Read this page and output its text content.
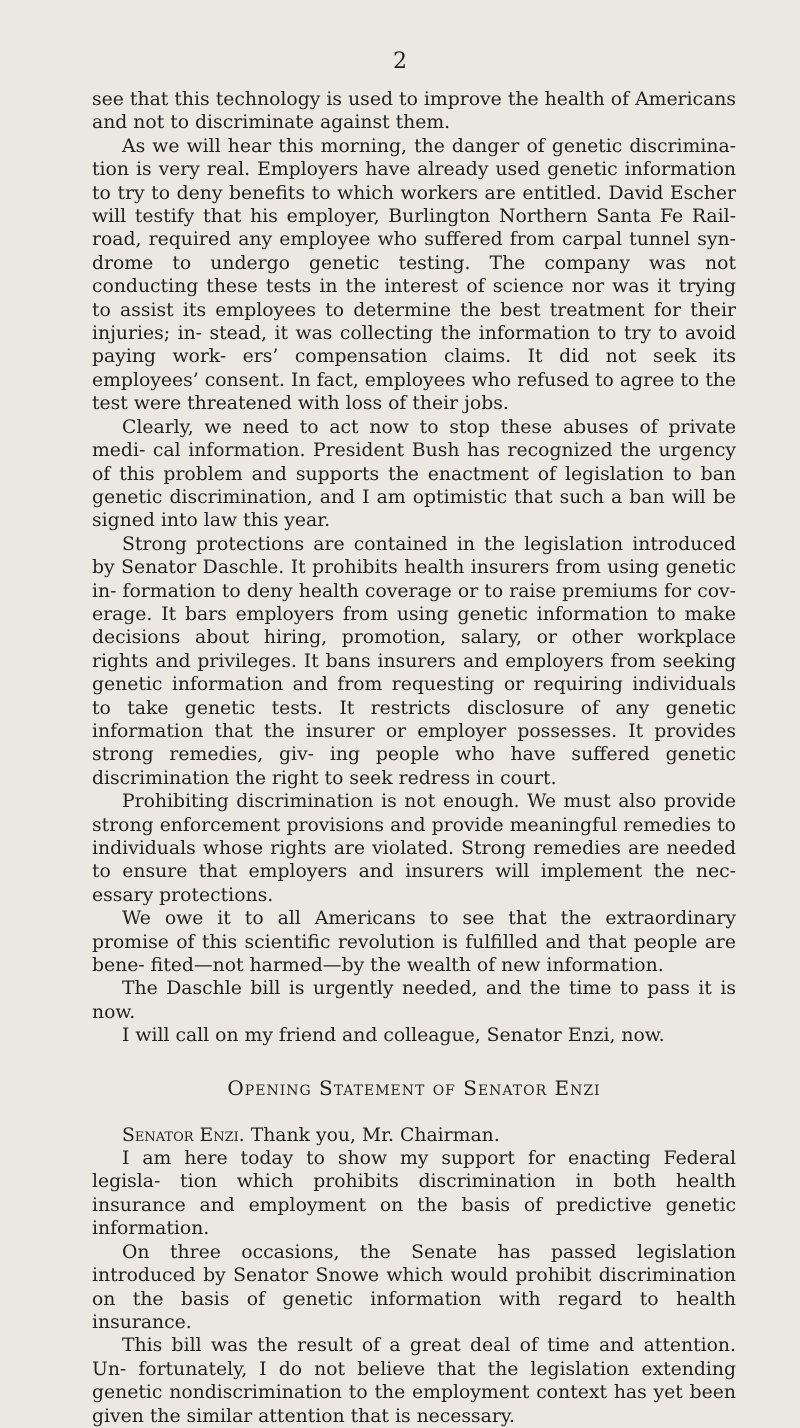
2

see that this technology is used to improve the health of Americans and not to discriminate against them.

As we will hear this morning, the danger of genetic discrimina- tion is very real. Employers have already used genetic information to try to deny benefits to which workers are entitled. David Escher will testify that his employer, Burlington Northern Santa Fe Rail- road, required any employee who suffered from carpal tunnel syn- drome to undergo genetic testing. The company was not conducting these tests in the interest of science nor was it trying to assist its employees to determine the best treatment for their injuries; in- stead, it was collecting the information to try to avoid paying work- ers’ compensation claims. It did not seek its employees’ consent. In fact, employees who refused to agree to the test were threatened with loss of their jobs.

Clearly, we need to act now to stop these abuses of private medi- cal information. President Bush has recognized the urgency of this problem and supports the enactment of legislation to ban genetic discrimination, and I am optimistic that such a ban will be signed into law this year.

Strong protections are contained in the legislation introduced by Senator Daschle. It prohibits health insurers from using genetic in- formation to deny health coverage or to raise premiums for cov- erage. It bars employers from using genetic information to make decisions about hiring, promotion, salary, or other workplace rights and privileges. It bans insurers and employers from seeking genetic information and from requesting or requiring individuals to take genetic tests. It restricts disclosure of any genetic information that the insurer or employer possesses. It provides strong remedies, giv- ing people who have suffered genetic discrimination the right to seek redress in court.

Prohibiting discrimination is not enough. We must also provide strong enforcement provisions and provide meaningful remedies to individuals whose rights are violated. Strong remedies are needed to ensure that employers and insurers will implement the nec- essary protections.

We owe it to all Americans to see that the extraordinary promise of this scientific revolution is fulfilled and that people are bene- fited—not harmed—by the wealth of new information.

The Daschle bill is urgently needed, and the time to pass it is now.

I will call on my friend and colleague, Senator Enzi, now.

Opening Statement of Senator Enzi

Senator Enzi. Thank you, Mr. Chairman.

I am here today to show my support for enacting Federal legisla- tion which prohibits discrimination in both health insurance and employment on the basis of predictive genetic information.

On three occasions, the Senate has passed legislation introduced by Senator Snowe which would prohibit discrimination on the basis of genetic information with regard to health insurance.

This bill was the result of a great deal of time and attention. Un- fortunately, I do not believe that the legislation extending genetic nondiscrimination to the employment context has yet been given the similar attention that is necessary.
